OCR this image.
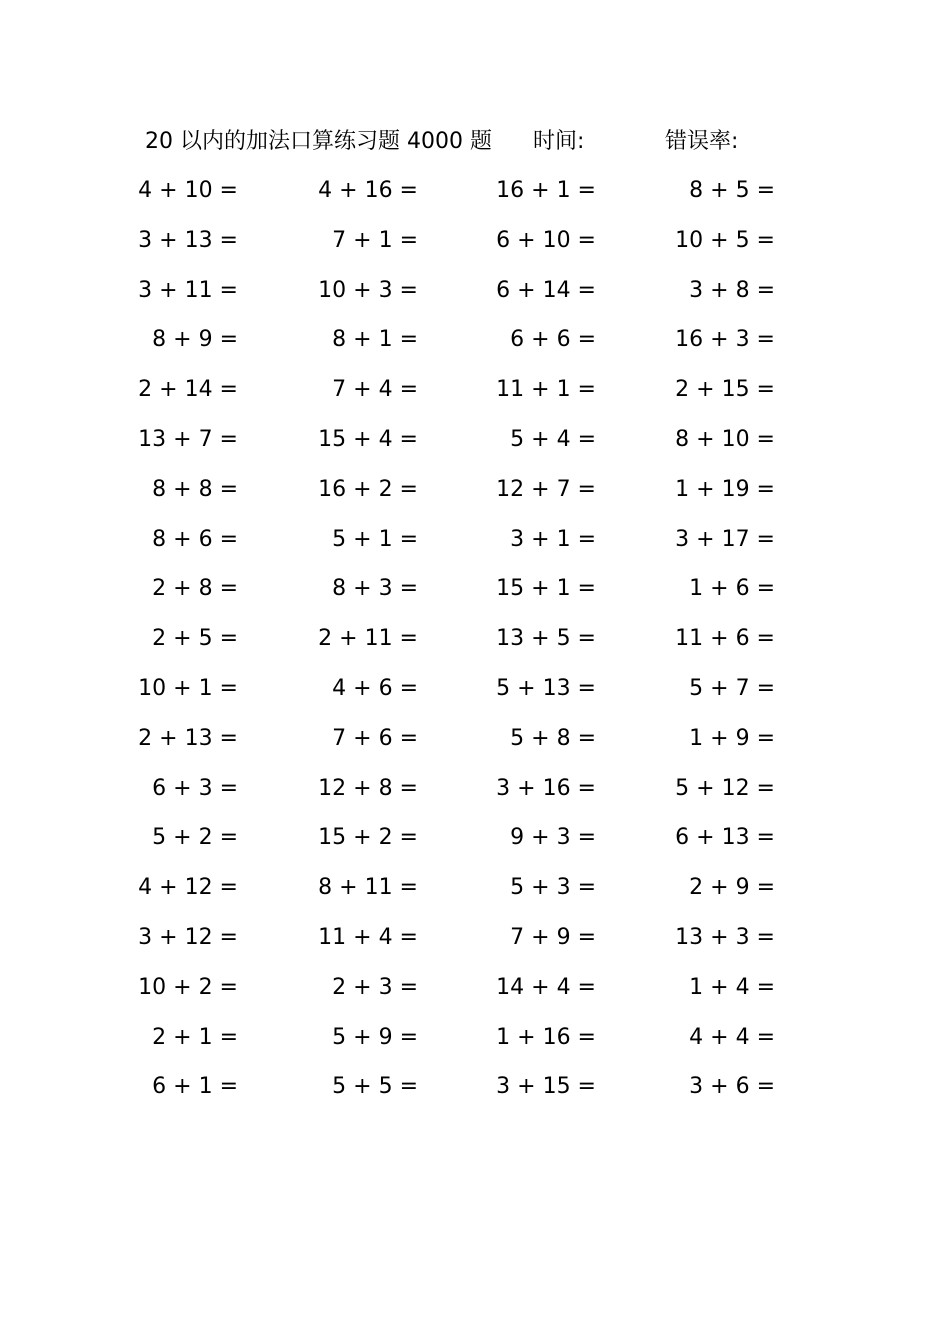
20 以内的加法口算练习题 4000 题 时间:	错误率:
4 + 10 =	4 + 16 =	16 + 1 =	8 + 5 =
3 + 13 =	7 + 1 =	6 + 10 =	10 + 5 =
3 + 11 =	10 + 3 =	6 + 14 =	3 + 8 =
8 + 9 =	8 + 1 =	6 + 6 =	16 + 3 =
2 + 14 =	7 + 4 =	11 + 1 =	2 + 15 =
13 + 7 =	15 + 4 =	5 + 4 =	8 + 10 =
8 + 8 =	16 + 2 =	12 + 7 =	1 + 19 =
8 + 6 =	5 + 1 =	3 + 1 =	3 + 17 =
2 + 8 =	8 + 3 =	15 + 1 =	1 + 6 =
2 + 5 =	2 + 11 =	13 + 5 =	11 + 6 =
10 + 1 =	4 + 6 =	5 + 13 =	5 + 7 =
2 + 13 =	7 + 6 =	5 + 8 =	1 + 9 =
6 + 3 =	12 + 8 =	3 + 16 =	5 + 12 =
5 + 2 =	15 + 2 =	9 + 3 =	6 + 13 =
4 + 12 =	8 + 11 =	5 + 3 =	2 + 9 =
3 + 12 =	11 + 4 =	7 + 9 =	13 + 3 =
10 + 2 =	2 + 3 =	14 + 4 =	1 + 4 =
2 + 1 =	5 + 9 =	1 + 16 =	4 + 4 =
6 + 1 =	5 + 5 =	3 + 15 =	3 + 6 =
